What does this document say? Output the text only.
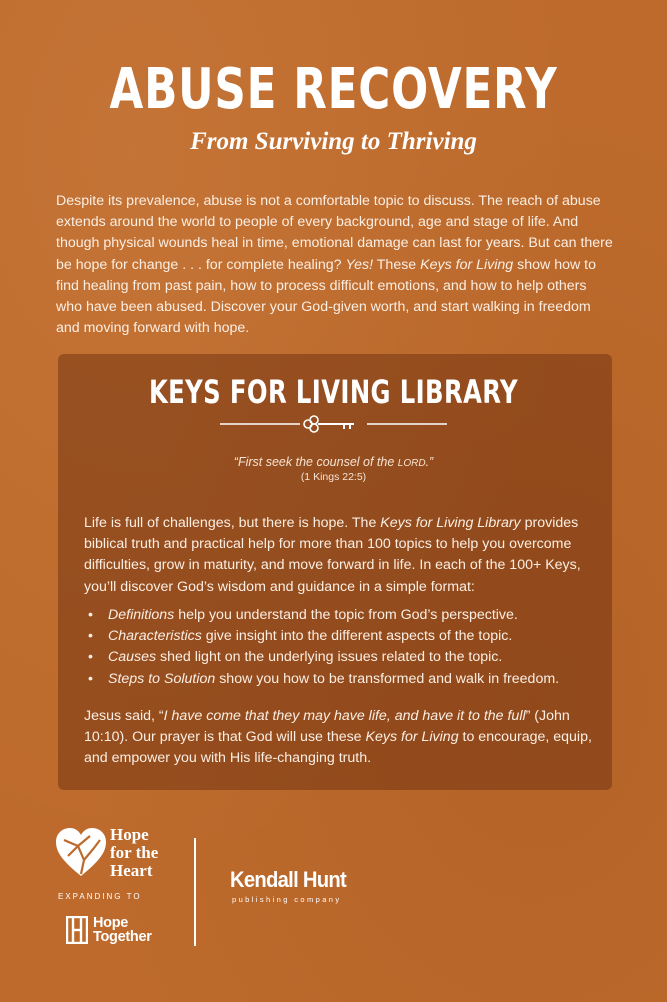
ABUSE RECOVERY
From Surviving to Thriving

Despite its prevalence, abuse is not a comfortable topic to discuss. The reach of abuse extends around the world to people of every background, age and stage of life. And though physical wounds heal in time, emotional damage can last for years. But can there be hope for change . . . for complete healing? Yes! These Keys for Living show how to find healing from past pain, how to process difficult emotions, and how to help others who have been abused. Discover your God-given worth, and start walking in freedom and moving forward with hope.

KEYS FOR LIVING LIBRARY
“First seek the counsel of the LORD.”
(1 Kings 22:5)

Life is full of challenges, but there is hope. The Keys for Living Library provides biblical truth and practical help for more than 100 topics to help you overcome difficulties, grow in maturity, and move forward in life. In each of the 100+ Keys, you’ll discover God’s wisdom and guidance in a simple format:

• Definitions help you understand the topic from God’s perspective.
• Characteristics give insight into the different aspects of the topic.
• Causes shed light on the underlying issues related to the topic.
• Steps to Solution show you how to be transformed and walk in freedom.

Jesus said, “I have come that they may have life, and have it to the full” (John 10:10). Our prayer is that God will use these Keys for Living to encourage, equip, and empower you with His life-changing truth.

Hope
for the
Heart
EXPANDING TO
Hope
Together
Kendall Hunt
publishing company
